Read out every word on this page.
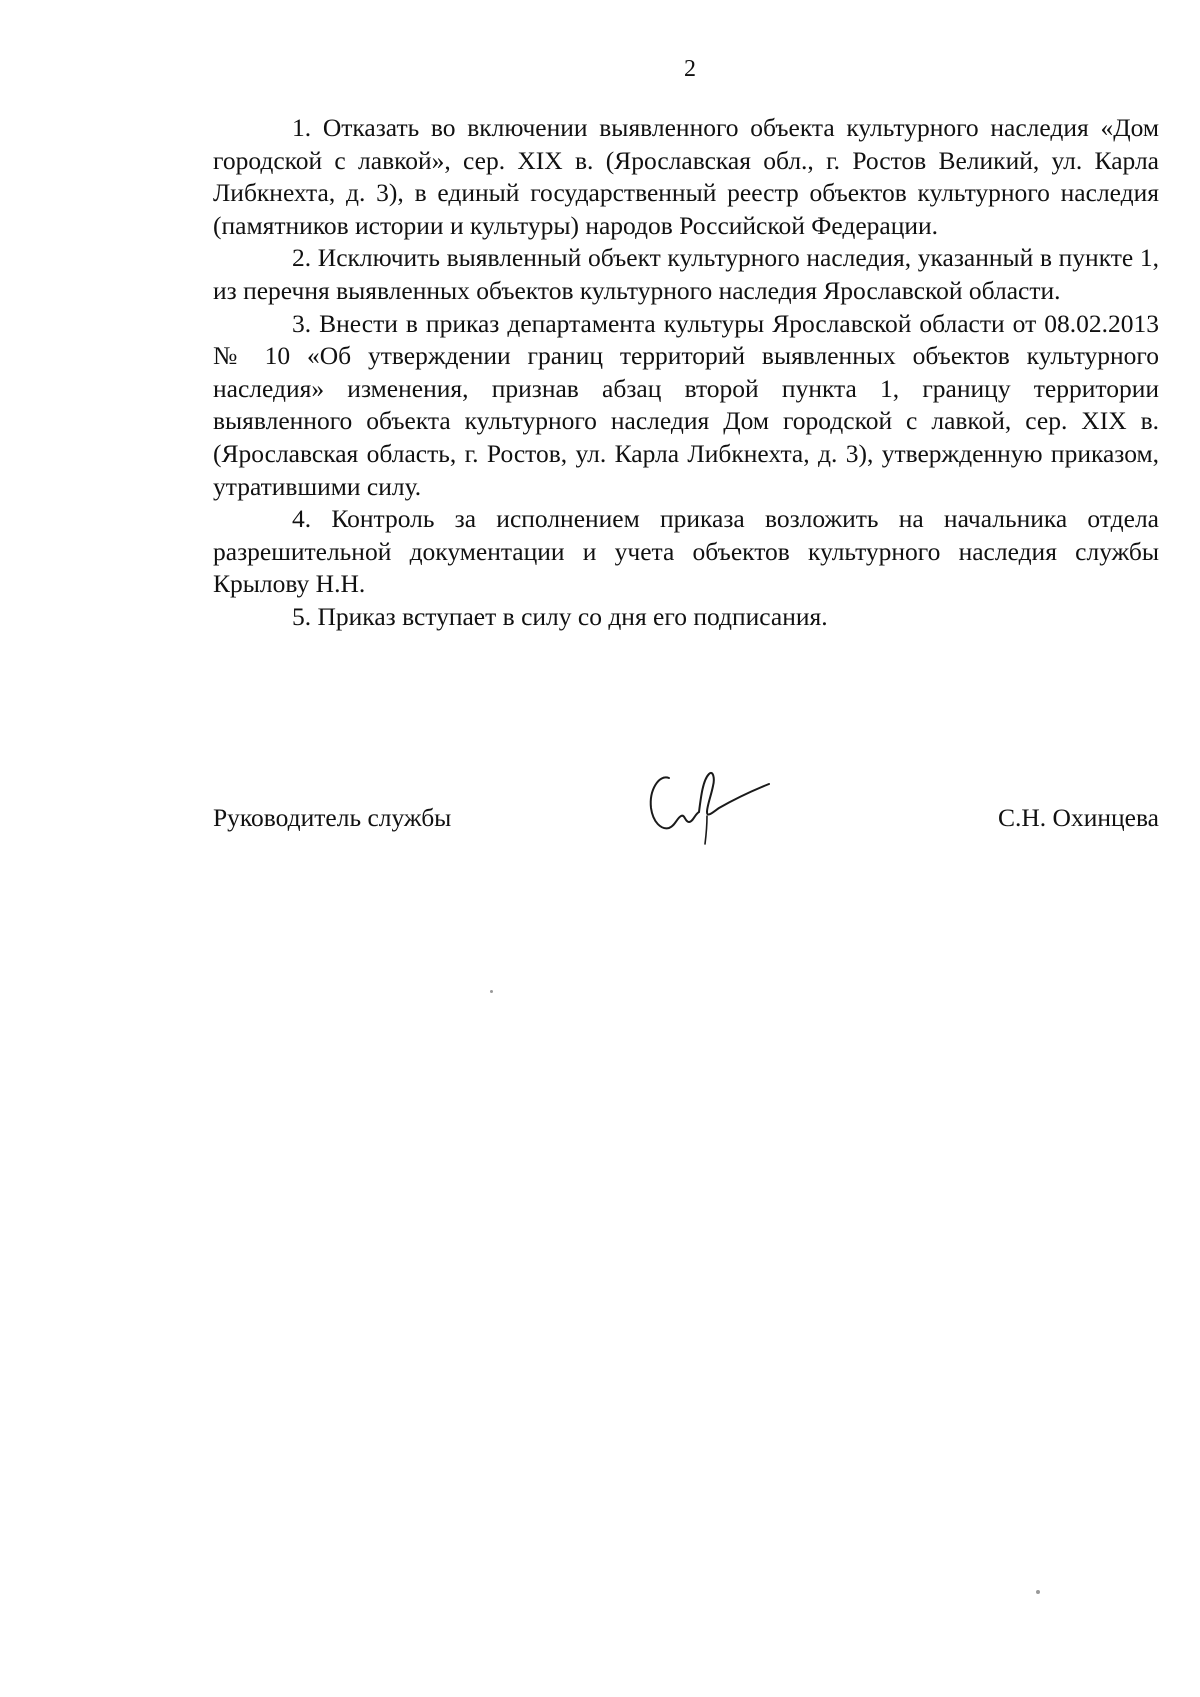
2

1. Отказать во включении выявленного объекта культурного наследия «Дом городской с лавкой», сер. XIX в. (Ярославская обл., г. Ростов Великий, ул. Карла Либкнехта, д. 3), в единый государственный реестр объектов культурного наследия (памятников истории и культуры) народов Российской Федерации.

2. Исключить выявленный объект культурного наследия, указанный в пункте 1, из перечня выявленных объектов культурного наследия Ярославской области.

3. Внести в приказ департамента культуры Ярославской области от 08.02.2013 № 10 «Об утверждении границ территорий выявленных объектов культурного наследия» изменения, признав абзац второй пункта 1, границу территории выявленного объекта культурного наследия Дом городской с лавкой, сер. XIX в. (Ярославская область, г. Ростов, ул. Карла Либкнехта, д. 3), утвержденную приказом, утратившими силу.

4. Контроль за исполнением приказа возложить на начальника отдела разрешительной документации и учета объектов культурного наследия службы Крылову Н.Н.

5. Приказ вступает в силу со дня его подписания.

Руководитель службы	С.Н. Охинцева
